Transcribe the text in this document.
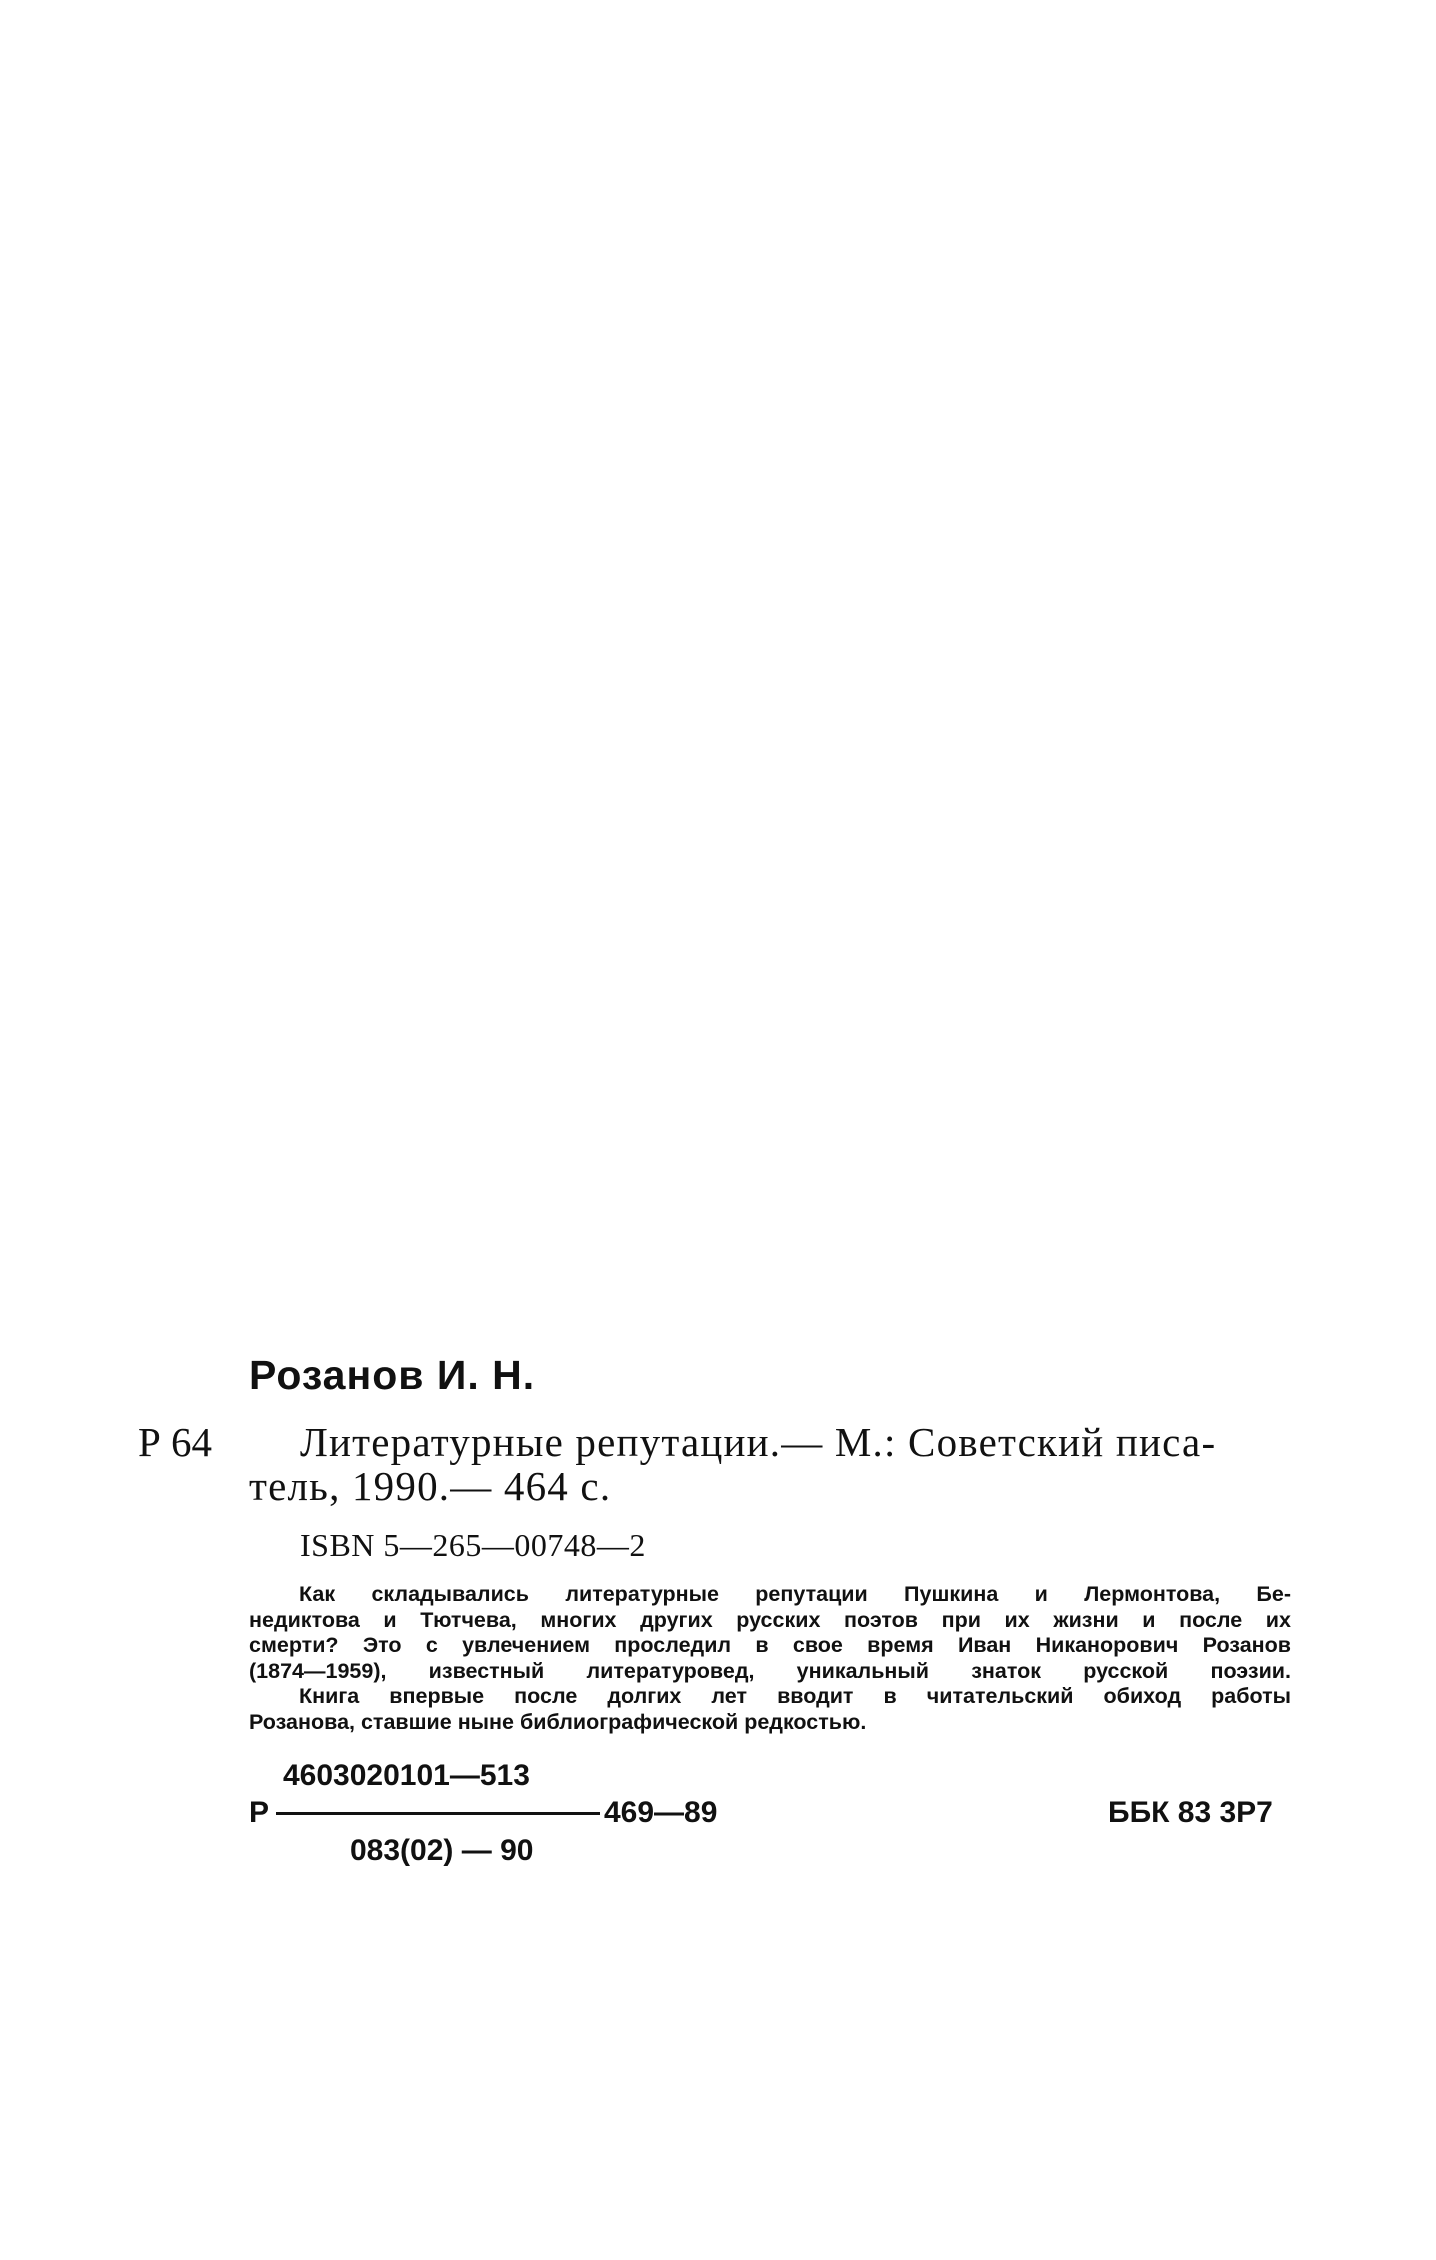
Розанов И. Н.
Р 64 Литературные репутации.— М.: Советский писа-
тель, 1990.— 464 с.
ISBN 5—265—00748—2
Как складывались литературные репутации Пушкина и Лермонтова, Бе-
недиктова и Тютчева, многих других русских поэтов при их жизни и после их
смерти? Это с увлечением проследил в свое время Иван Никанорович Розанов
(1874—1959), известный литературовед, уникальный знаток русской поэзии.
Книга впервые после долгих лет вводит в читательский обиход работы
Розанова, ставшие ныне библиографической редкостью.
4603020101—513
Р	469—89
083(02) — 90
ББК 83 3Р7
